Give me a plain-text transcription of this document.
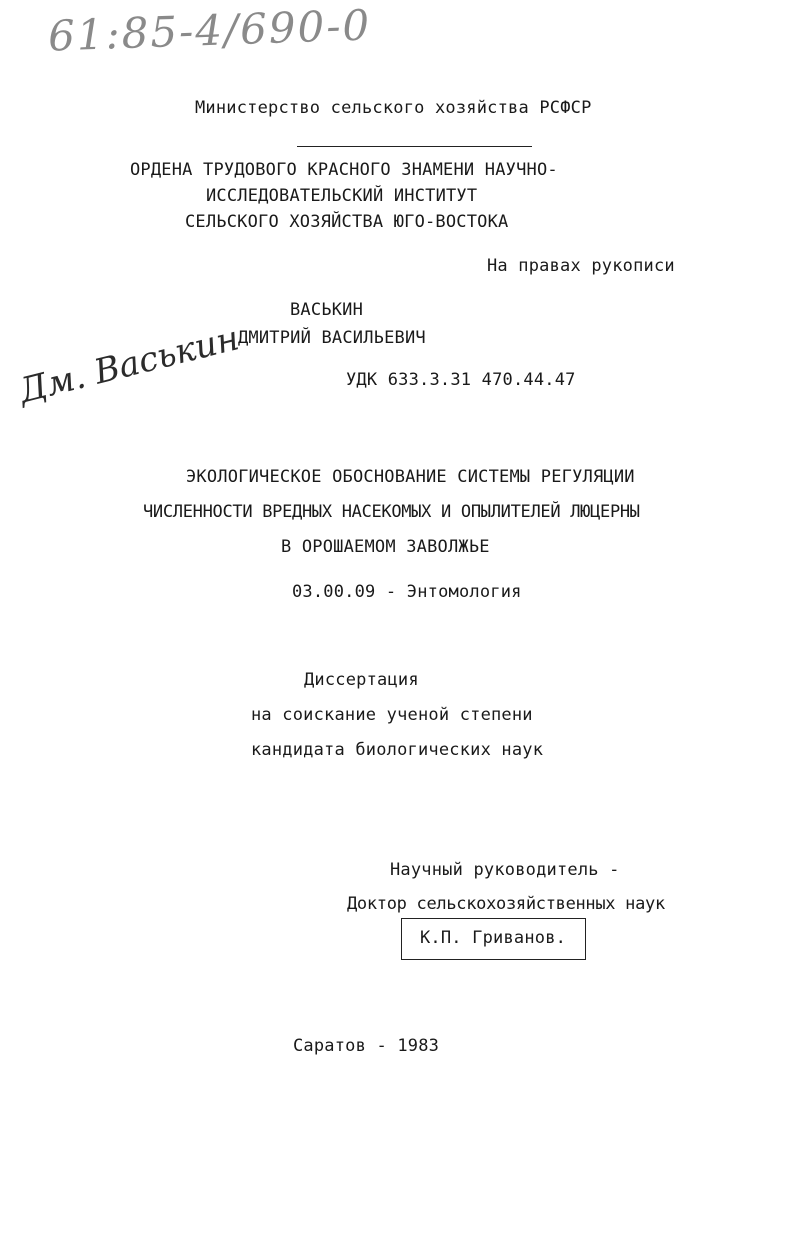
61:85-4/690-0
Министерство сельского хозяйства РСФСР
ОРДЕНА ТРУДОВОГО КРАСНОГО ЗНАМЕНИ НАУЧНО-
ИССЛЕДОВАТЕЛЬСКИЙ ИНСТИТУТ
СЕЛЬСКОГО ХОЗЯЙСТВА ЮГО-ВОСТОКА
На правах рукописи
ВАСЬКИН
ДМИТРИЙ ВАСИЛЬЕВИЧ
Дм. Васькин	УДК 633.3.31 470.44.47
ЭКОЛОГИЧЕСКОЕ ОБОСНОВАНИЕ СИСТЕМЫ РЕГУЛЯЦИИ
ЧИСЛЕННОСТИ ВРЕДНЫХ НАСЕКОМЫХ И ОПЫЛИТЕЛЕЙ ЛЮЦЕРНЫ
В ОРОШАЕМОМ ЗАВОЛЖЬЕ
03.00.09 - Энтомология
Диссертация
на соискание ученой степени
кандидата биологических наук
Научный руководитель -
Доктор сельскохозяйственных наук
К.П. Гриванов.
Саратов - 1983
